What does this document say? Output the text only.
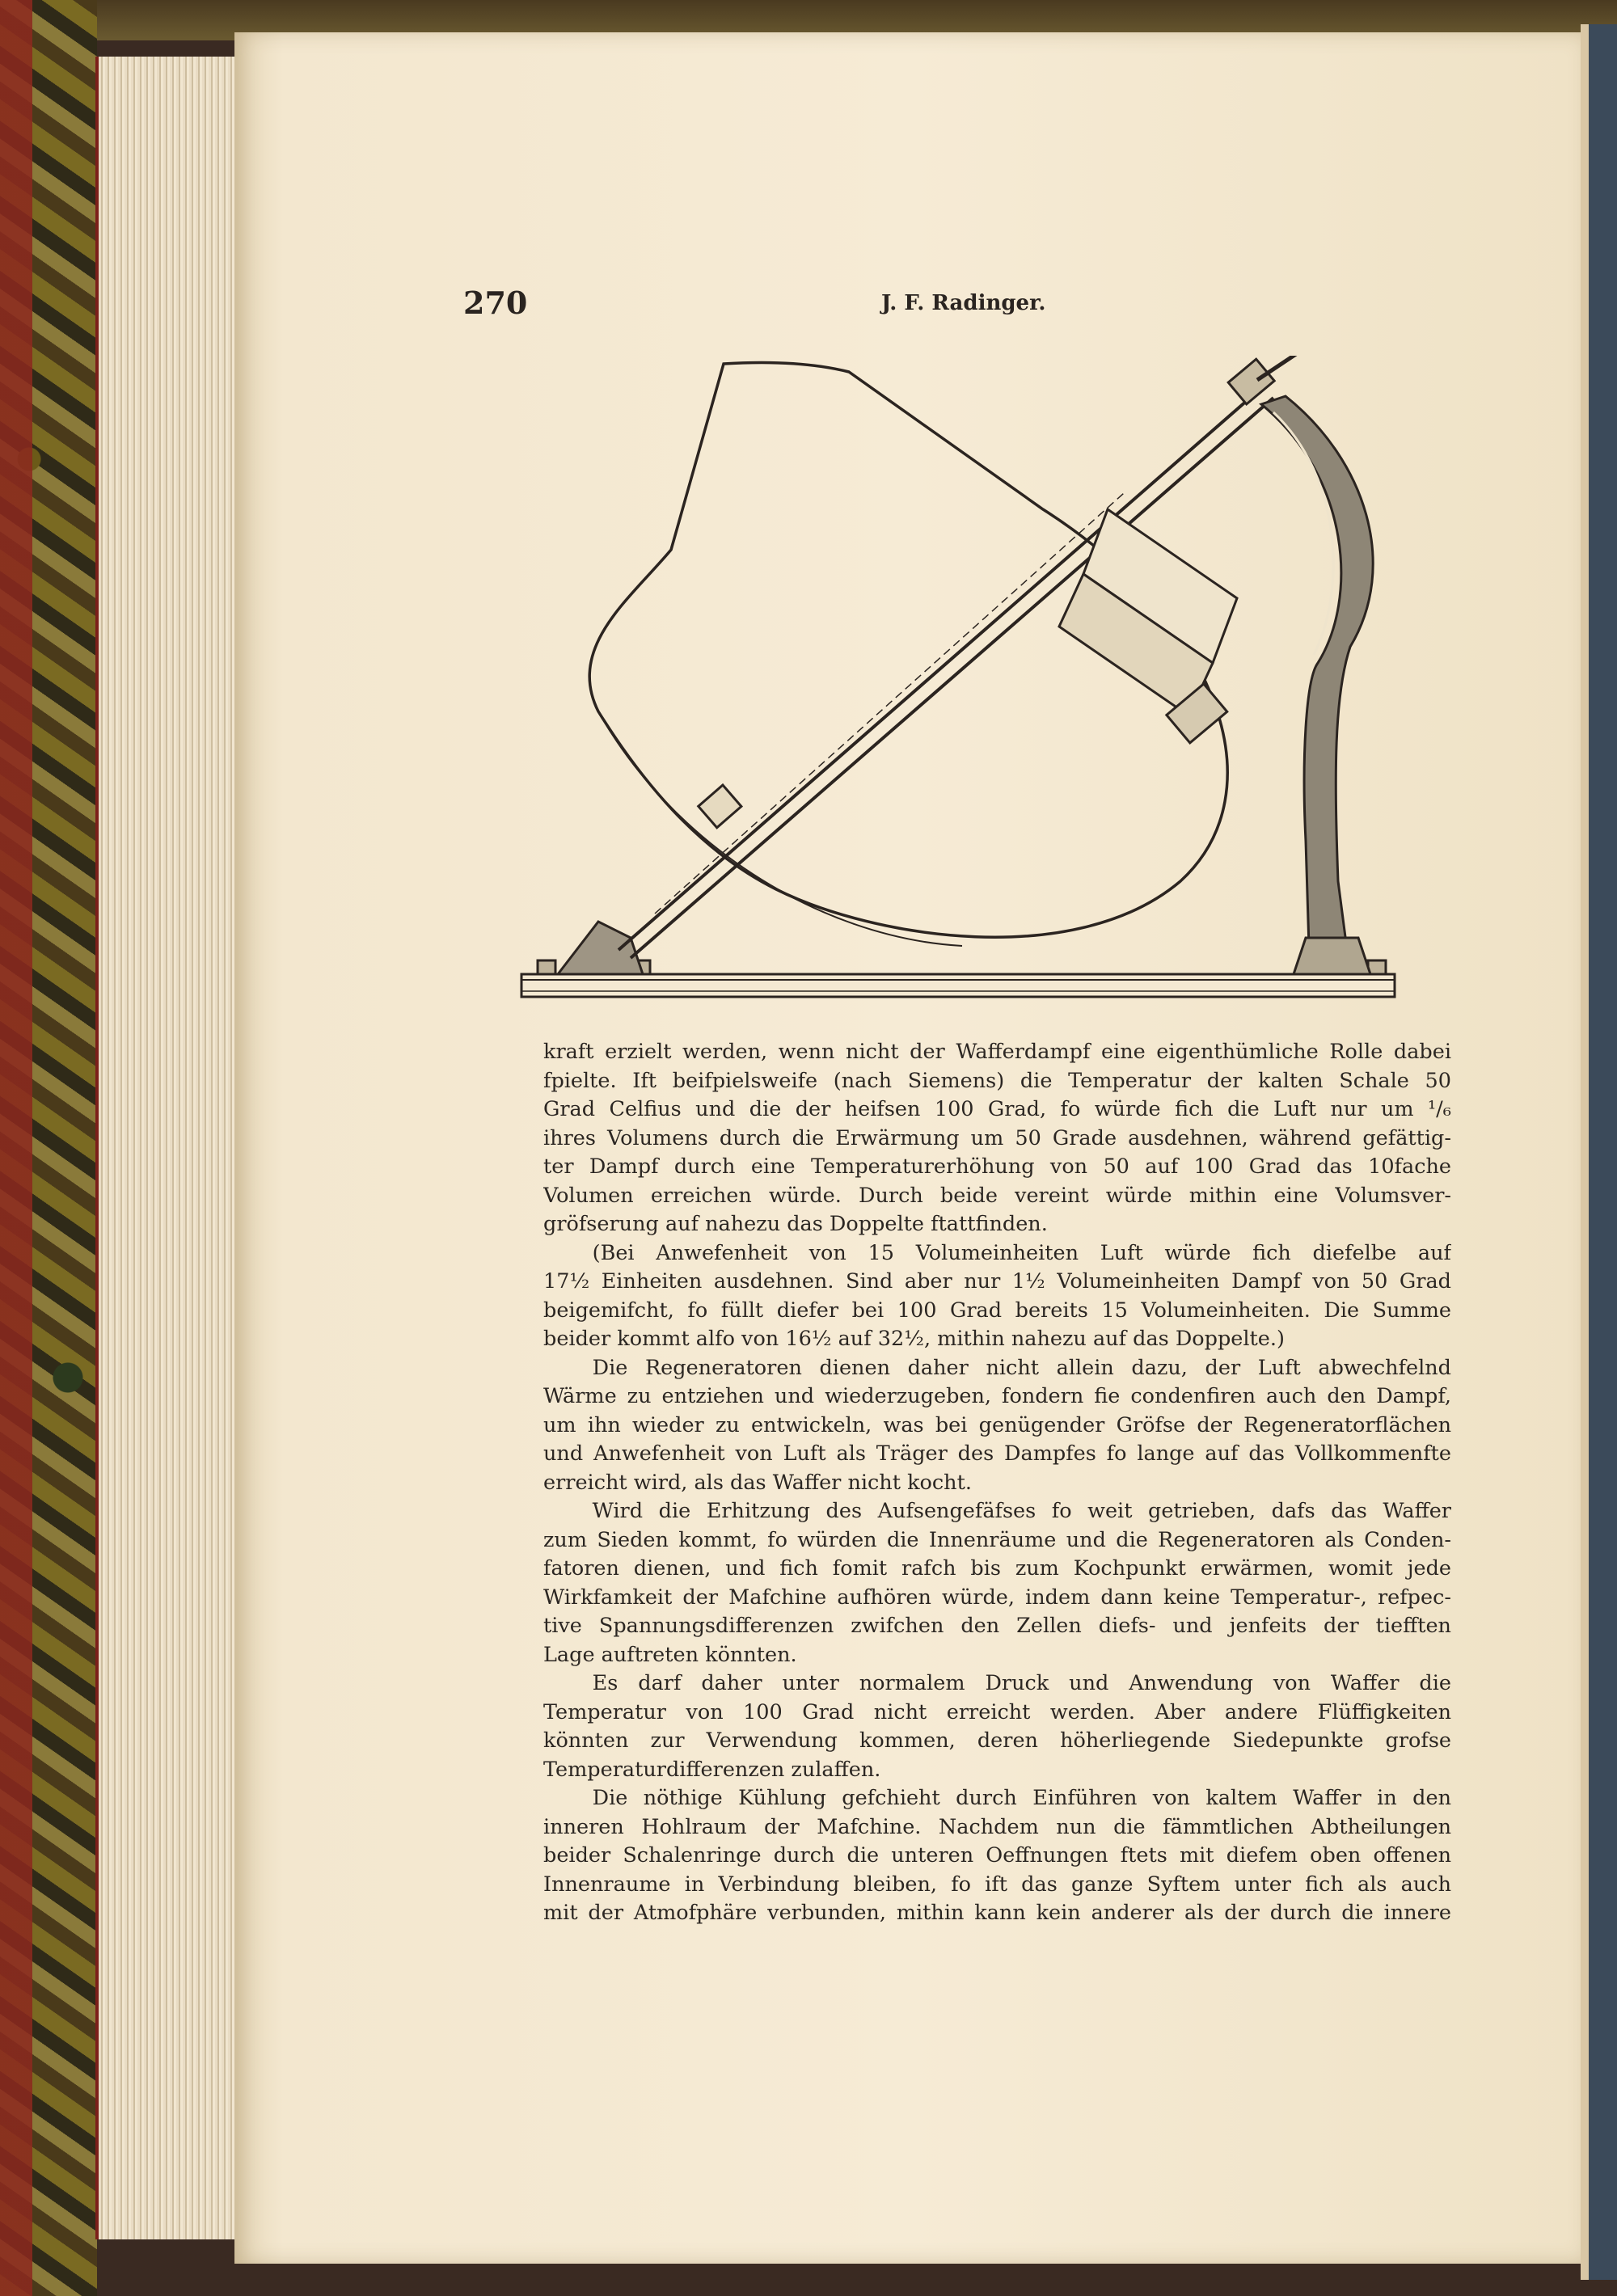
270	J. F. Radinger.

kraft erzielt werden, wenn nicht der Wafferdampf eine eigenthümliche Rolle dabei
fpielte. Ift beifpielsweife (nach Siemens) die Temperatur der kalten Schale 50
Grad Celfius und die der heifsen 100 Grad, fo würde fich die Luft nur um ¹/₆
ihres Volumens durch die Erwärmung um 50 Grade ausdehnen, während gefättig-
ter Dampf durch eine Temperaturerhöhung von 50 auf 100 Grad das 10fache
Volumen erreichen würde. Durch beide vereint würde mithin eine Volumsver-
gröfserung auf nahezu das Doppelte ftattfinden.

(Bei Anwefenheit von 15 Volumeinheiten Luft würde fich diefelbe auf
17½ Einheiten ausdehnen. Sind aber nur 1½ Volumeinheiten Dampf von 50 Grad
beigemifcht, fo füllt diefer bei 100 Grad bereits 15 Volumeinheiten. Die Summe
beider kommt alfo von 16½ auf 32½, mithin nahezu auf das Doppelte.)

Die Regeneratoren dienen daher nicht allein dazu, der Luft abwechfelnd
Wärme zu entziehen und wiederzugeben, fondern fie condenfiren auch den Dampf,
um ihn wieder zu entwickeln, was bei genügender Gröfse der Regeneratorflächen
und Anwefenheit von Luft als Träger des Dampfes fo lange auf das Vollkommenfte
erreicht wird, als das Waffer nicht kocht.

Wird die Erhitzung des Aufsengefäfses fo weit getrieben, dafs das Waffer
zum Sieden kommt, fo würden die Innenräume und die Regeneratoren als Conden-
fatoren dienen, und fich fomit rafch bis zum Kochpunkt erwärmen, womit jede
Wirkfamkeit der Mafchine aufhören würde, indem dann keine Temperatur-, refpec-
tive Spannungsdifferenzen zwifchen den Zellen diefs- und jenfeits der tiefften
Lage auftreten könnten.

Es darf daher unter normalem Druck und Anwendung von Waffer die
Temperatur von 100 Grad nicht erreicht werden. Aber andere Flüffigkeiten
könnten zur Verwendung kommen, deren höherliegende Siedepunkte grofse
Temperaturdifferenzen zulaffen.

Die nöthige Kühlung gefchieht durch Einführen von kaltem Waffer in den
inneren Hohlraum der Mafchine. Nachdem nun die fämmtlichen Abtheilungen
beider Schalenringe durch die unteren Oeffnungen ftets mit diefem oben offenen
Innenraume in Verbindung bleiben, fo ift das ganze Syftem unter fich als auch
mit der Atmofphäre verbunden, mithin kann kein anderer als der durch die innere
